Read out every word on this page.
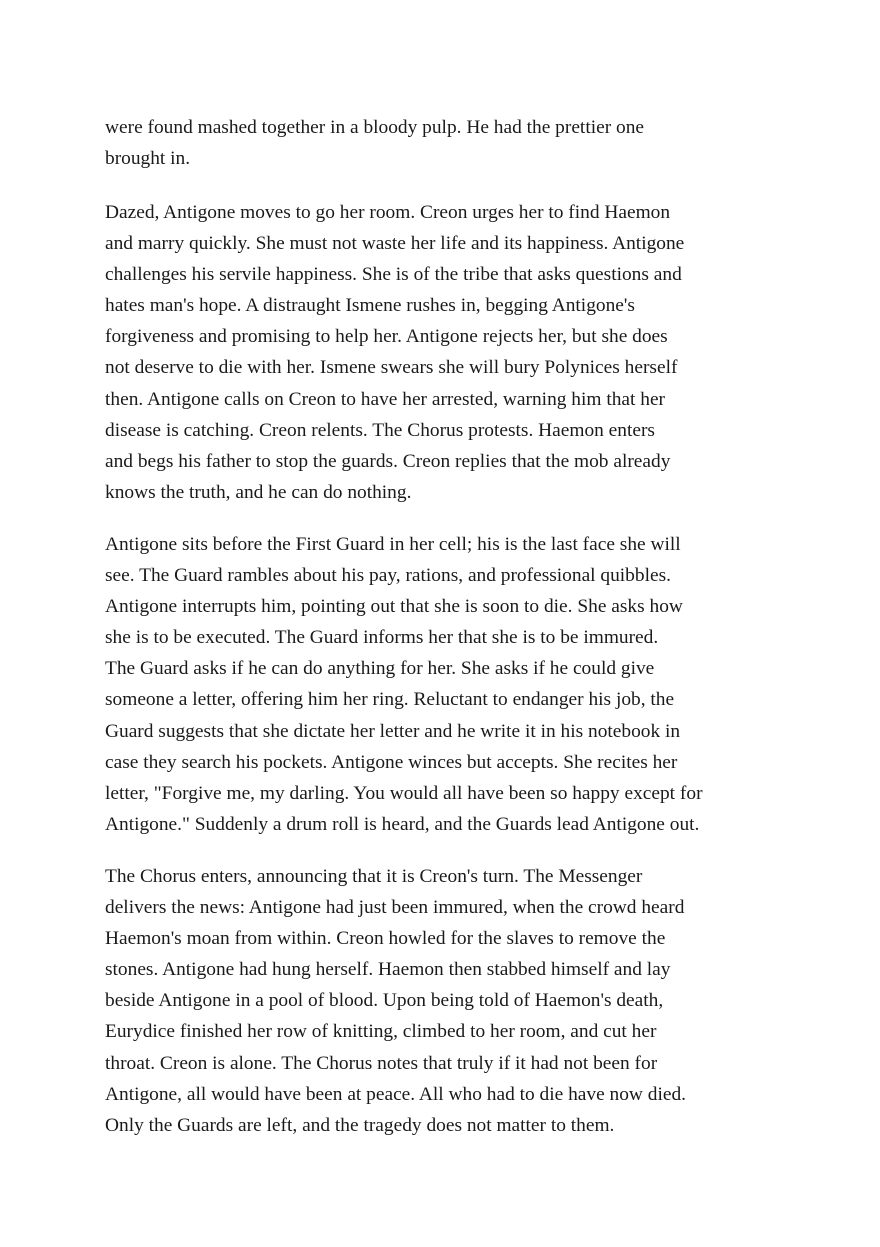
were found mashed together in a bloody pulp. He had the prettier one
brought in.

Dazed, Antigone moves to go her room. Creon urges her to find Haemon
and marry quickly. She must not waste her life and its happiness. Antigone
challenges his servile happiness. She is of the tribe that asks questions and
hates man's hope. A distraught Ismene rushes in, begging Antigone's
forgiveness and promising to help her. Antigone rejects her, but she does
not deserve to die with her. Ismene swears she will bury Polynices herself
then. Antigone calls on Creon to have her arrested, warning him that her
disease is catching. Creon relents. The Chorus protests. Haemon enters
and begs his father to stop the guards. Creon replies that the mob already
knows the truth, and he can do nothing.

Antigone sits before the First Guard in her cell; his is the last face she will
see. The Guard rambles about his pay, rations, and professional quibbles.
Antigone interrupts him, pointing out that she is soon to die. She asks how
she is to be executed. The Guard informs her that she is to be immured.
The Guard asks if he can do anything for her. She asks if he could give
someone a letter, offering him her ring. Reluctant to endanger his job, the
Guard suggests that she dictate her letter and he write it in his notebook in
case they search his pockets. Antigone winces but accepts. She recites her
letter, "Forgive me, my darling. You would all have been so happy except for
Antigone." Suddenly a drum roll is heard, and the Guards lead Antigone out.

The Chorus enters, announcing that it is Creon's turn. The Messenger
delivers the news: Antigone had just been immured, when the crowd heard
Haemon's moan from within. Creon howled for the slaves to remove the
stones. Antigone had hung herself. Haemon then stabbed himself and lay
beside Antigone in a pool of blood. Upon being told of Haemon's death,
Eurydice finished her row of knitting, climbed to her room, and cut her
throat. Creon is alone. The Chorus notes that truly if it had not been for
Antigone, all would have been at peace. All who had to die have now died.
Only the Guards are left, and the tragedy does not matter to them.
